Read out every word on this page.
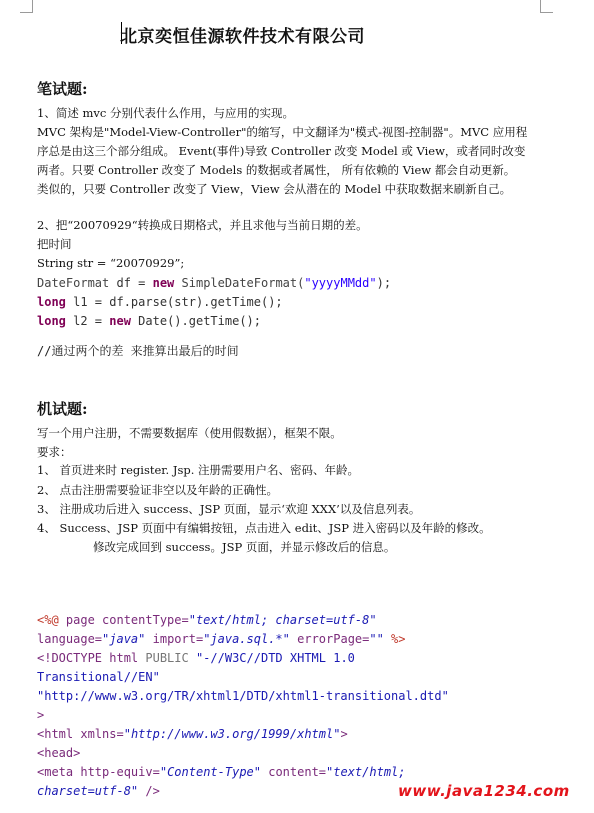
北京奕恒佳源软件技术有限公司
笔试题:
1、简述 mvc 分别代表什么作用，与应用的实现。
MVC 架构是"Model-View-Controller"的缩写，中文翻译为"模式-视图-控制器"。MVC 应用程
序总是由这三个部分组成。 Event(事件)导致 Controller 改变 Model 或 View，或者同时改变
两者。只要 Controller 改变了 Models 的数据或者属性， 所有依赖的 View 都会自动更新。
类似的，只要 Controller 改变了 View，View 会从潜在的 Model 中获取数据来刷新自己。
2、把“20070929“转换成日期格式，并且求他与当前日期的差。
把时间
String str = “20070929”;
DateFormat df = new SimpleDateFormat("yyyyMMdd");
long l1 = df.parse(str).getTime();
long l2 = new Date().getTime();
//通过两个的差 来推算出最后的时间
机试题:
写一个用户注册，不需要数据库（使用假数据），框架不限。
要求：
1、 首页进来时 register. Jsp. 注册需要用户名、密码、年龄。
2、 点击注册需要验证非空以及年龄的正确性。
3、 注册成功后进入 success、JSP 页面，显示‘欢迎 XXX’以及信息列表。
4、 Success、JSP 页面中有编辑按钮，点击进入 edit、JSP 进入密码以及年龄的修改。
修改完成回到 success。JSP 页面，并显示修改后的信息。
<%@ page contentType="text/html; charset=utf-8"
language="java" import="java.sql.*" errorPage="" %>
<!DOCTYPE html PUBLIC "-//W3C//DTD XHTML 1.0
Transitional//EN"
"http://www.w3.org/TR/xhtml1/DTD/xhtml1-transitional.dtd"
>
<html xmlns="http://www.w3.org/1999/xhtml">
<head>
<meta http-equiv="Content-Type" content="text/html;
charset=utf-8" />	www.java1234.com
